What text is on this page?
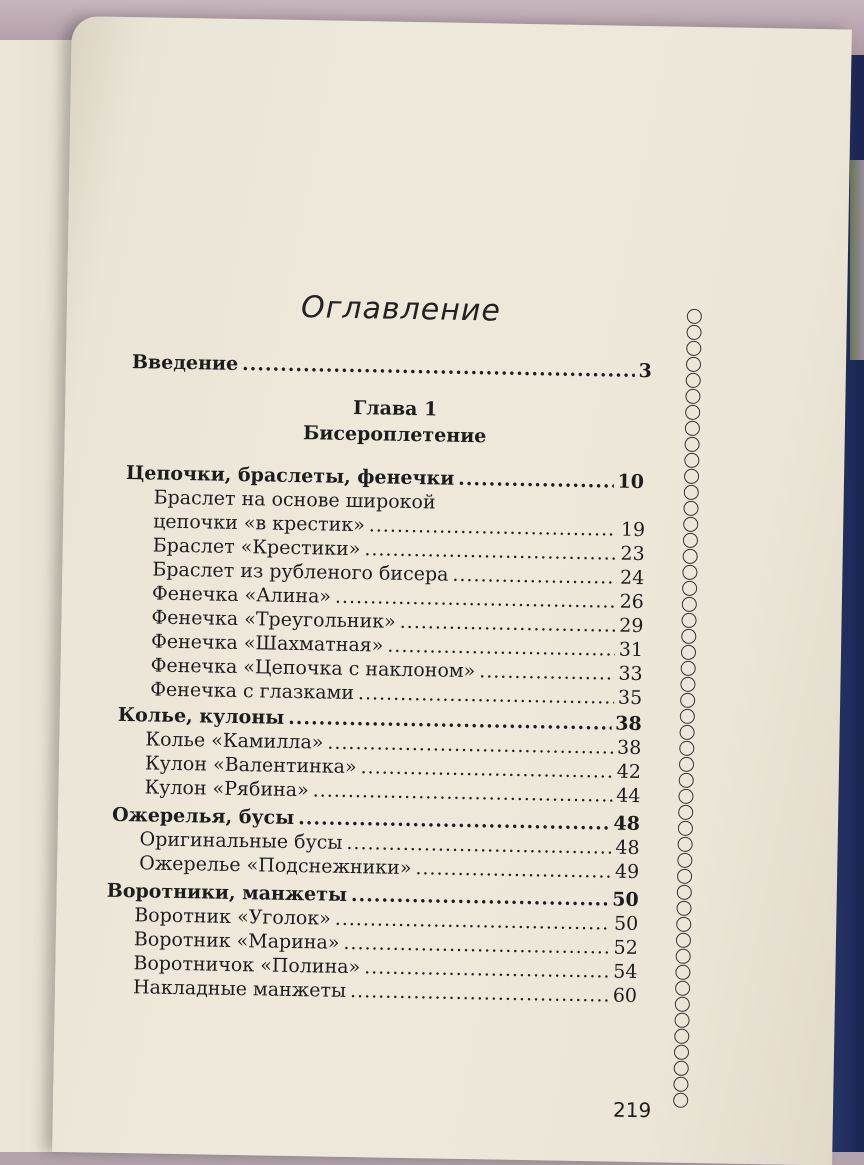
Оглавление
Введение .....	3
Глава 1
Бисероплетение
Цепочки, браслеты, фенечки .....	10
Браслет на основе широкой
цепочки «в крестик» .....	19
Браслет «Крестики» .....	23
Браслет из рубленого бисера .....	24
Фенечка «Алина» .....	26
Фенечка «Треугольник» .....	29
Фенечка «Шахматная» .....	31
Фенечка «Цепочка с наклоном» .....	33
Фенечка с глазками .....	35
Колье, кулоны .....	38
Колье «Камилла» .....	38
Кулон «Валентинка» .....	42
Кулон «Рябина» .....	44
Ожерелья, бусы .....	48
Оригинальные бусы .....	48
Ожерелье «Подснежники» .....	49
Воротники, манжеты .....	50
Воротник «Уголок» .....	50
Воротник «Марина» .....	52
Воротничок «Полина» .....	54
Накладные манжеты .....	60
219
